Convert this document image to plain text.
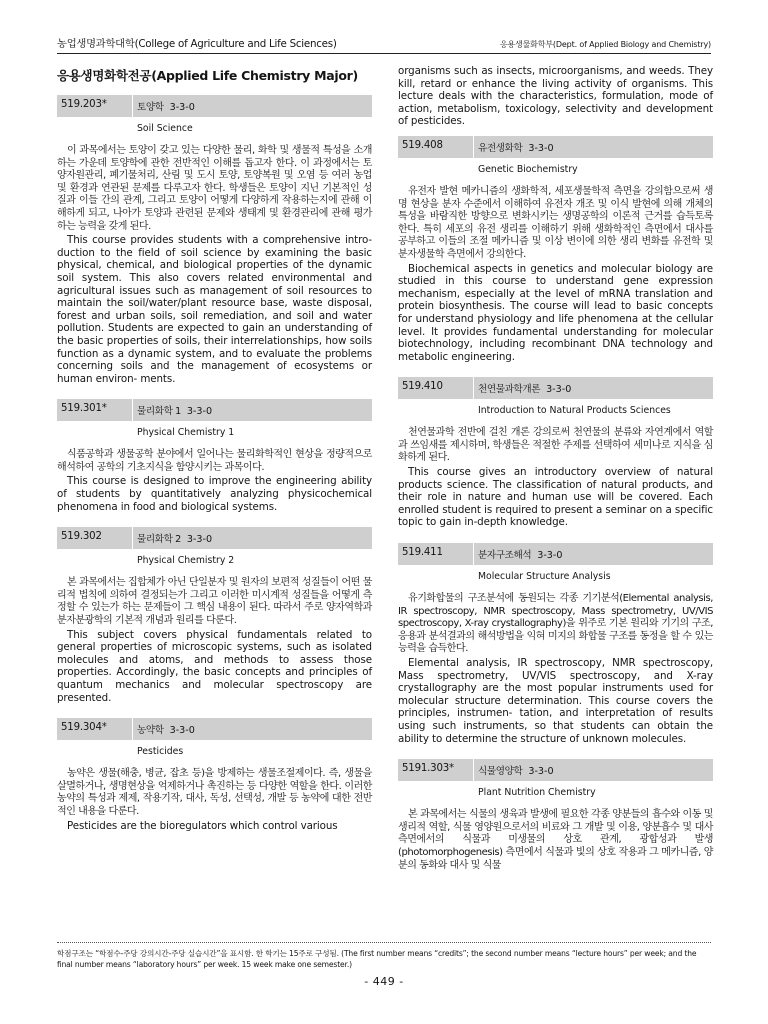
농업생명과학대학(College of Agriculture and Life Sciences)	응용생물화학부(Dept. of Applied Biology and Chemistry)
응용생명화학전공(Applied Life Chemistry Major)
519.203*	토양학 3-3-0
Soil Science

이 과목에서는 토양이 갖고 있는 다양한 물리, 화학 및 생물적 특성을 소개하는 가운데 토양학에 관한 전반적인 이해를 돕고자 한다. 이 과정에서는 토양자원관리, 폐기물처리, 산림 및 도시 토양, 토양복원 및 오염 등 여러 농업 및 환경과 연관된 문제를 다루고자 한다. 학생들은 토양이 지닌 기본적인 성질과 이들 간의 관계, 그리고 토양이 어떻게 다양하게 작용하는지에 관해 이해하게 되고, 나아가 토양과 관련된 문제와 생태계 및 환경관리에 관해 평가하는 능력을 갖게 된다.

This course provides students with a comprehensive intro- duction to the field of soil science by examining the basic physical, chemical, and biological properties of the dynamic soil system. This also covers related environmental and agricultural issues such as management of soil resources to maintain the soil/water/plant resource base, waste disposal, forest and urban soils, soil remediation, and soil and water pollution. Students are expected to gain an understanding of the basic properties of soils, their interrelationships, how soils function as a dynamic system, and to evaluate the problems concerning soils and the management of ecosystems or human environ- ments.

519.301*	물리화학 1 3-3-0
Physical Chemistry 1

식품공학과 생물공학 분야에서 일어나는 물리화학적인 현상을 정량적으로 해석하여 공학의 기초지식을 함양시키는 과목이다.

This course is designed to improve the engineering ability of students by quantitatively analyzing physicochemical phenomena in food and biological systems.

519.302	물리화학 2 3-3-0
Physical Chemistry 2

본 과목에서는 집합체가 아닌 단일분자 및 원자의 보편적 성질들이 어떤 물리적 법칙에 의하여 결정되는가 그리고 이러한 미시계적 성질들을 어떻게 측정할 수 있는가 하는 문제들이 그 핵심 내용이 된다. 따라서 주로 양자역학과 분자분광학의 기본적 개념과 원리를 다룬다.

This subject covers physical fundamentals related to general properties of microscopic systems, such as isolated molecules and atoms, and methods to assess those properties. Accordingly, the basic concepts and principles of quantum mechanics and molecular spectroscopy are presented.

519.304*	농약학 3-3-0
Pesticides

농약은 생물(해충, 병균, 잡초 등)을 방제하는 생물조절제이다. 즉, 생물을 살멸하거나, 생명현상을 억제하거나 촉진하는 등 다양한 역할을 한다. 이러한 농약의 특성과 제제, 작용기작, 대사, 독성, 선택성, 개발 등 농약에 대한 전반적인 내용을 다룬다.

Pesticides are the bioregulators which control various

organisms such as insects, microorganisms, and weeds. They kill, retard or enhance the living activity of organisms. This lecture deals with the characteristics, formulation, mode of action, metabolism, toxicology, selectivity and development of pesticides.

519.408	유전생화학 3-3-0
Genetic Biochemistry

유전자 발현 메카니즘의 생화학적, 세포생물학적 측면을 강의함으로써 생명 현상을 분자 수준에서 이해하여 유전자 개조 및 이식 발현에 의해 개체의 특성을 바람직한 방향으로 변화시키는 생명공학의 이론적 근거를 습득토록 한다. 특히 세포의 유전 생리를 이해하기 위해 생화학적인 측면에서 대사를 공부하고 이들의 조절 메카니즘 및 이상 변이에 의한 생리 변화를 유전학 및 분자생물학 측면에서 강의한다.

Biochemical aspects in genetics and molecular biology are studied in this course to understand gene expression mechanism, especially at the level of mRNA translation and protein biosynthesis. The course will lead to basic concepts for understand physiology and life phenomena at the cellular level. It provides fundamental understanding for molecular biotechnology, including recombinant DNA technology and metabolic engineering.

519.410	천연물과학개론 3-3-0
Introduction to Natural Products Sciences

천연물과학 전반에 걸친 개론 강의로써 천연물의 분류와 자연계에서 역할과 쓰임새를 제시하며, 학생들은 적절한 주제를 선택하여 세미나로 지식을 심화하게 된다.

This course gives an introductory overview of natural products science. The classification of natural products, and their role in nature and human use will be covered. Each enrolled student is required to present a seminar on a specific topic to gain in-depth knowledge.

519.411	분자구조해석 3-3-0
Molecular Structure Analysis

유기화합물의 구조분석에 동원되는 각종 기기분석(Elemental analysis, IR spectroscopy, NMR spectroscopy, Mass spectrometry, UV/VIS spectroscopy, X-ray crystallography)을 위주로 기본 원리와 기기의 구조, 응용과 분석결과의 해석방법을 익혀 미지의 화합물 구조를 동정을 할 수 있는 능력을 습득한다.

Elemental analysis, IR spectroscopy, NMR spectroscopy, Mass spectrometry, UV/VIS spectroscopy, and X-ray crystallography are the most popular instruments used for molecular structure determination. This course covers the principles, instrumen- tation, and interpretation of results using such instruments, so that students can obtain the ability to determine the structure of unknown molecules.

5191.303*	식물영양학 3-3-0
Plant Nutrition Chemistry

본 과목에서는 식물의 생육과 발생에 필요한 각종 양분들의 흡수와 이동 및 생리적 역할, 식물 영양원으로서의 비료와 그 개발 및 이용, 양분흡수 및 대사 측면에서의 식물과 미생물의 상호 관계, 광합성과 발생(photomorphogenesis) 측면에서 식물과 빛의 상호 작용과 그 메카니즘, 양분의 동화와 대사 및 식물

학점구조는 “학점수-주당 강의시간-주당 실습시간”을 표시함. 한 학기는 15주로 구성됨. (The first number means “credits”; the second number means “lecture hours” per week; and the final number means “laboratory hours” per week. 15 week make one semester.)

- 449 -
